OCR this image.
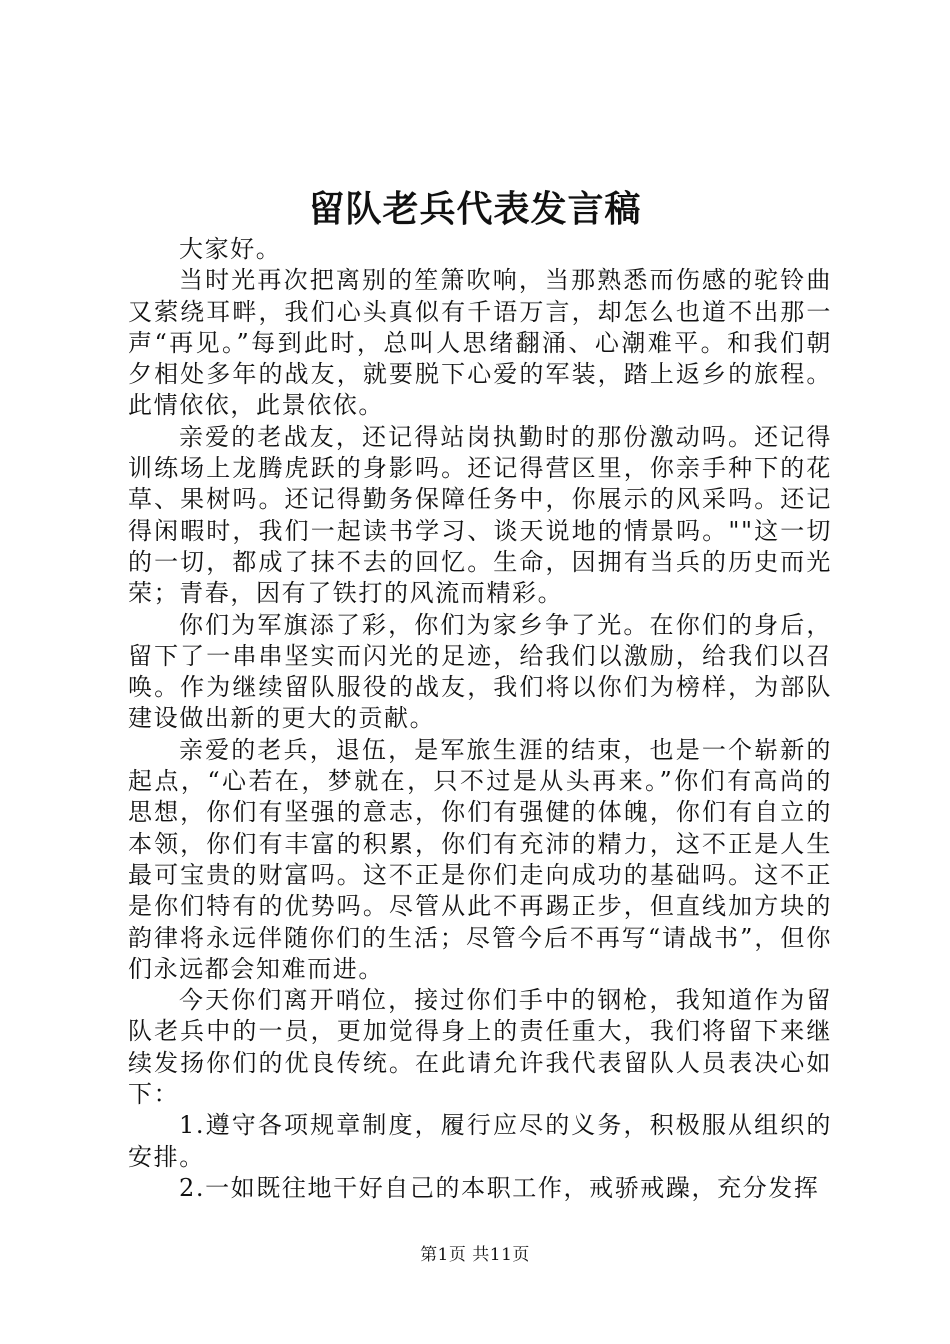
留队老兵代表发言稿

大家好。

当时光再次把离别的笙箫吹响，当那熟悉而伤感的驼铃曲又萦绕耳畔，我们心头真似有千语万言，却怎么也道不出那一声“再见。”每到此时，总叫人思绪翻涌、心潮难平。和我们朝夕相处多年的战友，就要脱下心爱的军装，踏上返乡的旅程。此情依依，此景依依。

亲爱的老战友，还记得站岗执勤时的那份激动吗。还记得训练场上龙腾虎跃的身影吗。还记得营区里，你亲手种下的花草、果树吗。还记得勤务保障任务中，你展示的风采吗。还记得闲暇时，我们一起读书学习、谈天说地的情景吗。""这一切的一切，都成了抹不去的回忆。生命，因拥有当兵的历史而光荣；青春，因有了铁打的风流而精彩。

你们为军旗添了彩，你们为家乡争了光。在你们的身后，留下了一串串坚实而闪光的足迹，给我们以激励，给我们以召唤。作为继续留队服役的战友，我们将以你们为榜样，为部队建设做出新的更大的贡献。

亲爱的老兵，退伍，是军旅生涯的结束，也是一个崭新的起点，“心若在，梦就在，只不过是从头再来。”你们有高尚的思想，你们有坚强的意志，你们有强健的体魄，你们有自立的本领，你们有丰富的积累，你们有充沛的精力，这不正是人生最可宝贵的财富吗。这不正是你们走向成功的基础吗。这不正是你们特有的优势吗。尽管从此不再踢正步，但直线加方块的韵律将永远伴随你们的生活；尽管今后不再写“请战书”，但你们永远都会知难而进。

今天你们离开哨位，接过你们手中的钢枪，我知道作为留队老兵中的一员，更加觉得身上的责任重大，我们将留下来继续发扬你们的优良传统。在此请允许我代表留队人员表决心如下：

1.遵守各项规章制度，履行应尽的义务，积极服从组织的安排。

2.一如既往地干好自己的本职工作，戒骄戒躁，充分发挥

第1页 共11页
